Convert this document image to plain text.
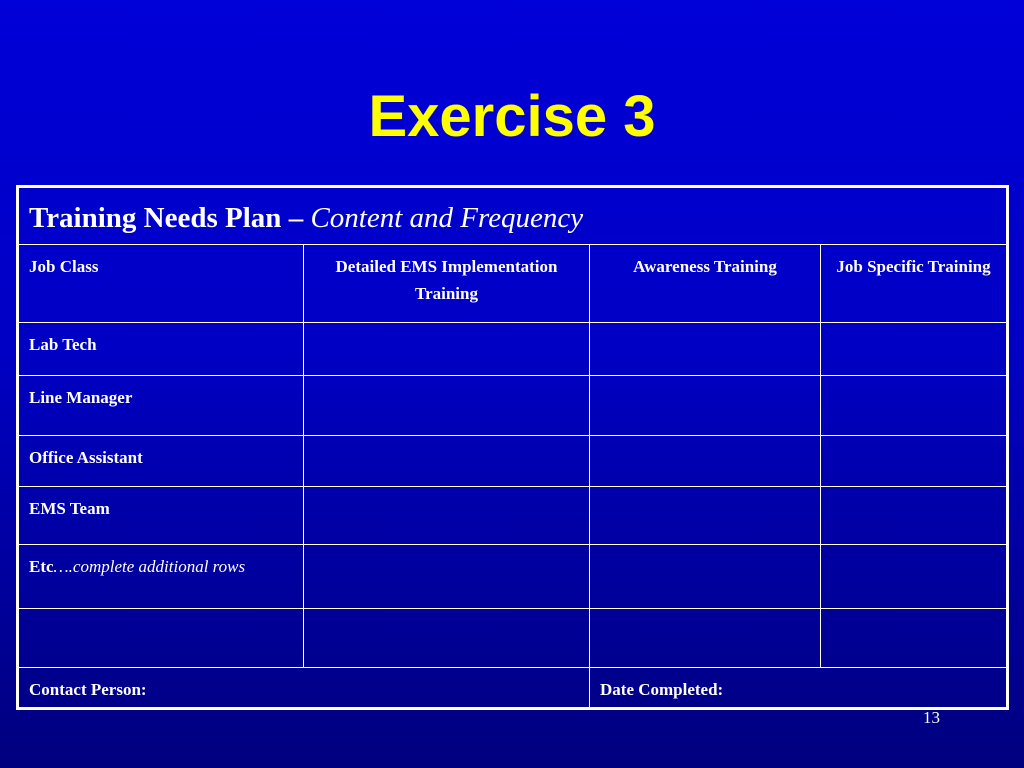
Exercise 3
Training Needs Plan – Content and Frequency			
Job Class	Detailed EMS Implementation Training	Awareness Training	Job Specific Training
Lab Tech			
Line Manager			
Office Assistant			
EMS Team			
Etc….complete additional rows			

Contact Person:		Date Completed:	
13
